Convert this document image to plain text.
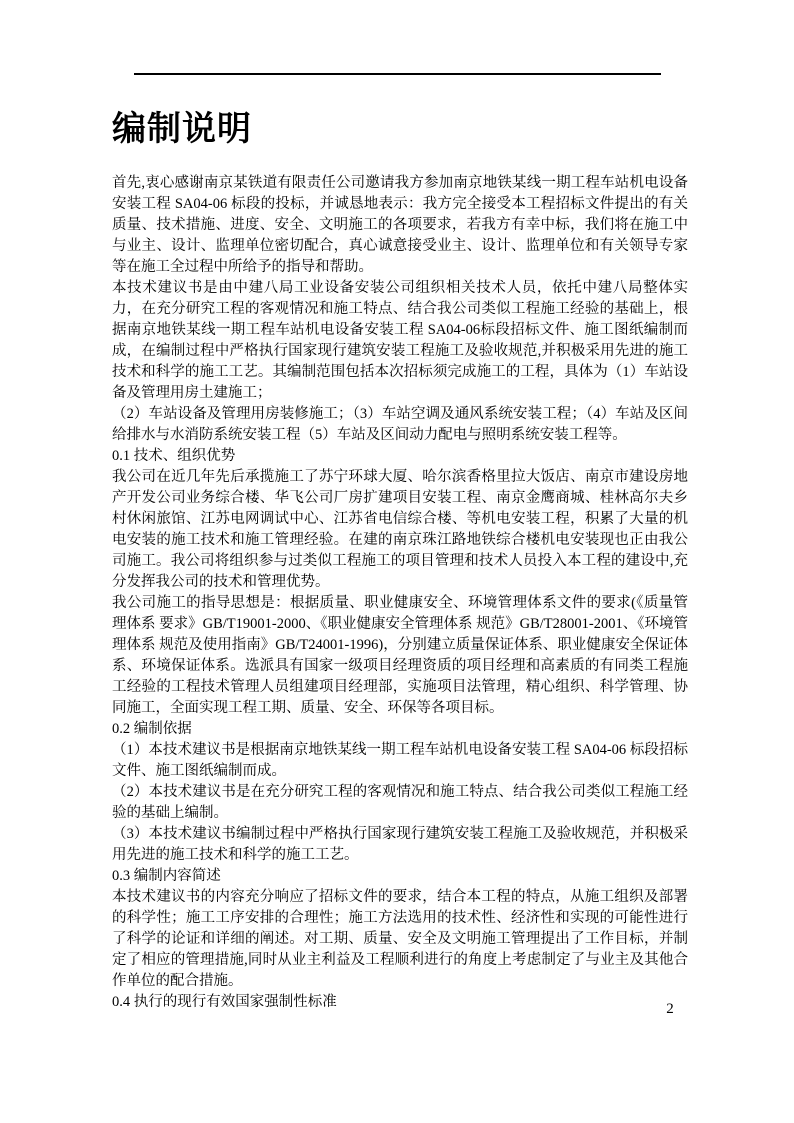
编制说明

首先,衷心感谢南京某铁道有限责任公司邀请我方参加南京地铁某线一期工程车站机电设备安装工程 SA04-06 标段的投标，并诚恳地表示：我方完全接受本工程招标文件提出的有关质量、技术措施、进度、安全、文明施工的各项要求，若我方有幸中标，我们将在施工中与业主、设计、监理单位密切配合，真心诚意接受业主、设计、监理单位和有关领导专家等在施工全过程中所给予的指导和帮助。

本技术建议书是由中建八局工业设备安装公司组织相关技术人员，依托中建八局整体实力，在充分研究工程的客观情况和施工特点、结合我公司类似工程施工经验的基础上，根据南京地铁某线一期工程车站机电设备安装工程 SA04-06标段招标文件、施工图纸编制而成，在编制过程中严格执行国家现行建筑安装工程施工及验收规范,并积极采用先进的施工技术和科学的施工工艺。其编制范围包括本次招标须完成施工的工程，具体为（1）车站设备及管理用房土建施工；

（2）车站设备及管理用房装修施工；（3）车站空调及通风系统安装工程；（4）车站及区间给排水与水消防系统安装工程（5）车站及区间动力配电与照明系统安装工程等。

0.1 技术、组织优势

我公司在近几年先后承揽施工了苏宁环球大厦、哈尔滨香格里拉大饭店、南京市建设房地产开发公司业务综合楼、华飞公司厂房扩建项目安装工程、南京金鹰商城、桂林高尔夫乡村休闲旅馆、江苏电网调试中心、江苏省电信综合楼、等机电安装工程，积累了大量的机电安装的施工技术和施工管理经验。在建的南京珠江路地铁综合楼机电安装现也正由我公司施工。我公司将组织参与过类似工程施工的项目管理和技术人员投入本工程的建设中,充分发挥我公司的技术和管理优势。

我公司施工的指导思想是：根据质量、职业健康安全、环境管理体系文件的要求(《质量管理体系 要求》GB/T19001-2000、《职业健康安全管理体系 规范》GB/T28001-2001、《环境管理体系 规范及使用指南》GB/T24001-1996)，分别建立质量保证体系、职业健康安全保证体系、环境保证体系。选派具有国家一级项目经理资质的项目经理和高素质的有同类工程施工经验的工程技术管理人员组建项目经理部，实施项目法管理，精心组织、科学管理、协同施工，全面实现工程工期、质量、安全、环保等各项目标。

0.2 编制依据

（1）本技术建议书是根据南京地铁某线一期工程车站机电设备安装工程 SA04-06 标段招标文件、施工图纸编制而成。

（2）本技术建议书是在充分研究工程的客观情况和施工特点、结合我公司类似工程施工经验的基础上编制。

（3）本技术建议书编制过程中严格执行国家现行建筑安装工程施工及验收规范，并积极采用先进的施工技术和科学的施工工艺。

0.3 编制内容简述

本技术建议书的内容充分响应了招标文件的要求，结合本工程的特点，从施工组织及部署的科学性；施工工序安排的合理性；施工方法选用的技术性、经济性和实现的可能性进行了科学的论证和详细的阐述。对工期、质量、安全及文明施工管理提出了工作目标，并制定了相应的管理措施,同时从业主利益及工程顺利进行的角度上考虑制定了与业主及其他合作单位的配合措施。

0.4 执行的现行有效国家强制性标准	2
